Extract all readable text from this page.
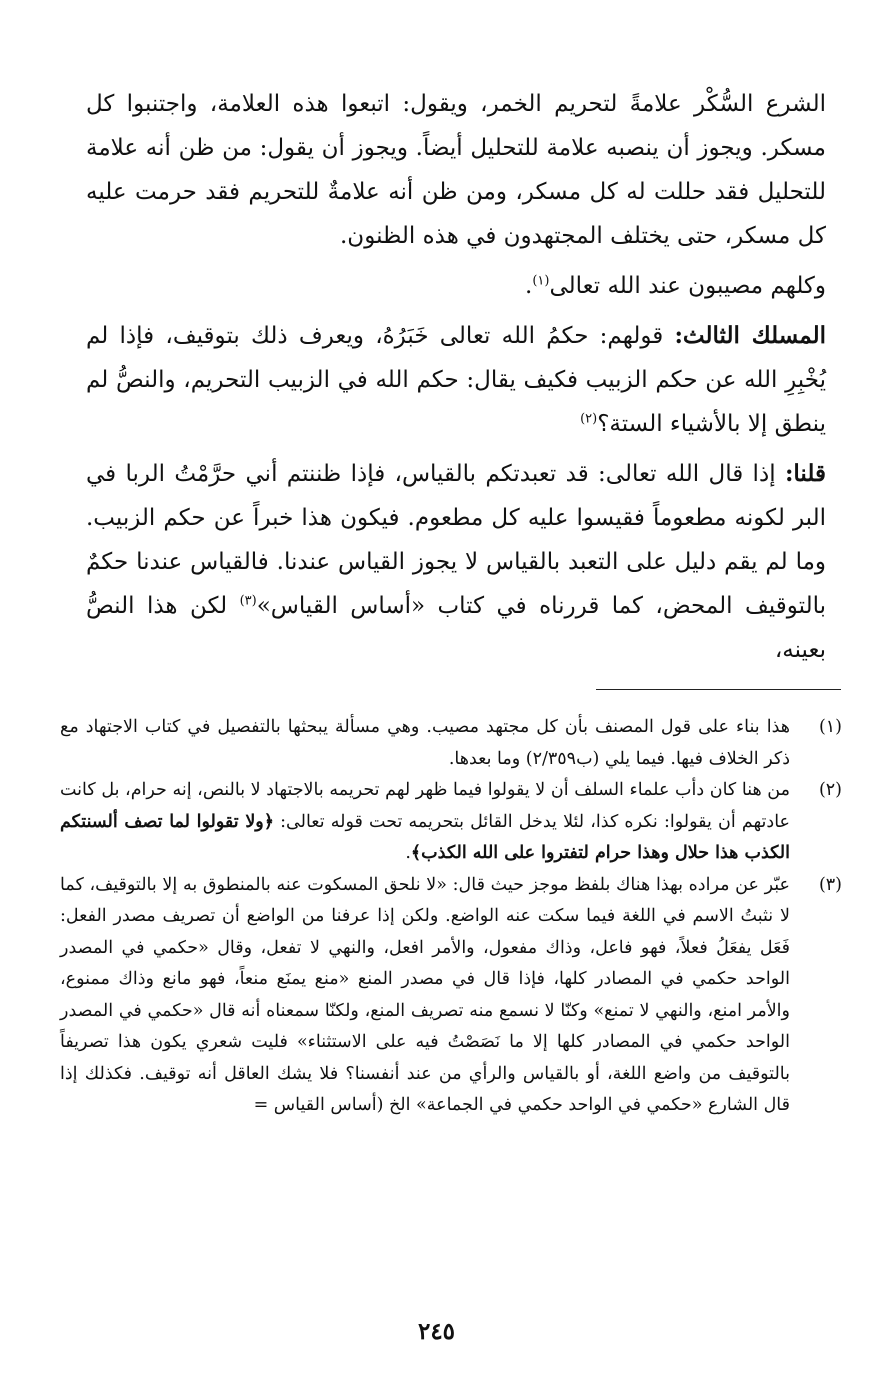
الشرع السُّكْر علامةً لتحريم الخمر، ويقول: اتبعوا هذه العلامة، واجتنبوا كل مسكر. ويجوز أن ينصبه علامة للتحليل أيضاً. ويجوز أن يقول: من ظن أنه علامة للتحليل فقد حللت له كل مسكر، ومن ظن أنه علامةٌ للتحريم فقد حرمت عليه كل مسكر، حتى يختلف المجتهدون في هذه الظنون.

وكلهم مصيبون عند الله تعالى$^{(١)}$.

المسلك الثالث: قولهم: حكمُ الله تعالى خَبَرُهُ، ويعرف ذلك بتوقيف، فإذا لم يُخْبِرِ الله عن حكم الزبيب فكيف يقال: حكم الله في الزبيب التحريم، والنصُّ لم ينطق إلا بالأشياء الستة؟$^{(٢)}$

قلنا: إذا قال الله تعالى: قد تعبدتكم بالقياس، فإذا ظننتم أني حرَّمْتُ الربا في البر لكونه مطعوماً فقيسوا عليه كل مطعوم. فيكون هذا خبراً عن حكم الزبيب. وما لم يقم دليل على التعبد بالقياس لا يجوز القياس عندنا. فالقياس عندنا حكمٌ بالتوقيف المحض، كما قررناه في كتاب «أساس القياس»$^{(٣)}$ لكن هذا النصُّ بعينه،

(١)
هذا بناء على قول المصنف بأن كل مجتهد مصيب. وهي مسألة يبحثها بالتفصيل في كتاب الاجتهاد مع ذكر الخلاف فيها. فيما يلي (ب٢/٣٥٩) وما بعدها.
(٢)
من هنا كان دأب علماء السلف أن لا يقولوا فيما ظهر لهم تحريمه بالاجتهاد لا بالنص، إنه حرام، بل كانت عادتهم أن يقولوا: نكره كذا، لئلا يدخل القائل بتحريمه تحت قوله تعالى: ﴿ولا تقولوا لما تصف ألسنتكم الكذب هذا حلال وهذا حرام لتفتروا على الله الكذب﴾.
(٣)
عبّر عن مراده بهذا هناك بلفظ موجز حيث قال: «لا نلحق المسكوت عنه بالمنطوق به إلا بالتوقيف، كما لا نثبتُ الاسم في اللغة فيما سكت عنه الواضع. ولكن إذا عرفنا من الواضع أن تصريف مصدر الفعل: فَعَل يفعَلُ فعلاً، فهو فاعل، وذاك مفعول، والأمر افعل، والنهي لا تفعل، وقال «حكمي في المصدر الواحد حكمي في المصادر كلها، فإذا قال في مصدر المنع «منع يمنَع منعاً، فهو مانع وذاك ممنوع، والأمر امنع، والنهي لا تمنع» وكنّا لا نسمع منه تصريف المنع، ولكنّا سمعناه أنه قال «حكمي في المصدر الواحد حكمي في المصادر كلها إلا ما نَصَصْتُ فيه على الاستثناء» فليت شعري يكون هذا تصريفاً بالتوقيف من واضع اللغة، أو بالقياس والرأي من عند أنفسنا؟ فلا يشك العاقل أنه توقيف. فكذلك إذا قال الشارع «حكمي في الواحد حكمي في الجماعة» الخ (أساس القياس =
٢٤٥
